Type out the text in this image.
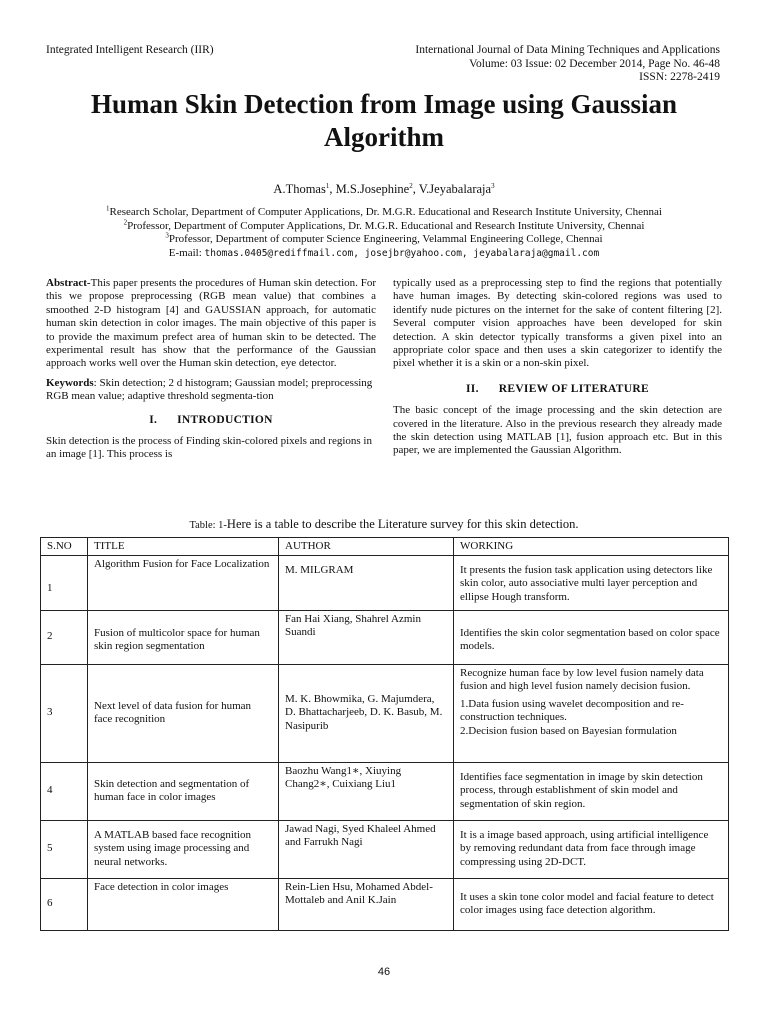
Integrated Intelligent Research (IIR)	International Journal of Data Mining Techniques and Applications
Volume: 03 Issue: 02 December 2014, Page No. 46-48
ISSN: 2278-2419
Human Skin Detection from Image using Gaussian
Algorithm
A.Thomas$^1$, M.S.Josephine$^2$, V.Jeyabalaraja$^3$
$^1$Research Scholar, Department of Computer Applications, Dr. M.G.R. Educational and Research Institute University, Chennai
$^2$Professor, Department of Computer Applications, Dr. M.G.R. Educational and Research Institute University, Chennai
$^3$Professor, Department of computer Science Engineering, Velammal Engineering College, Chennai
E-mail: thomas.0405@rediffmail.com, josejbr@yahoo.com, jeyabalaraja@gmail.com

Abstract-This paper presents the procedures of Human skin detection. For this we propose preprocessing (RGB mean value) that combines a smoothed 2-D histogram [4] and GAUSSIAN approach, for automatic human skin detection in color images. The main objective of this paper is to provide the maximum prefect area of human skin to be detected. The experimental result has show that the performance of the Gaussian approach works well over the Human skin detection, eye detector.

Keywords: Skin detection; 2 d histogram; Gaussian model; preprocessing RGB mean value; adaptive threshold segmenta-tion

I. INTRODUCTION

Skin detection is the process of Finding skin-colored pixels and regions in an image [1]. This process is

typically used as a preprocessing step to find the regions that potentially have human images. By detecting skin-colored regions was used to identify nude pictures on the internet for the sake of content filtering [2]. Several computer vision approaches have been developed for skin detection. A skin detector typically transforms a given pixel into an appropriate color space and then uses a skin categorizer to identify the pixel whether it is a skin or a non-skin pixel.

II. REVIEW OF LITERATURE

The basic concept of the image processing and the skin detection are covered in the literature. Also in the previous research they already made the skin detection using MATLAB [1], fusion approach etc. But in this paper, we are implemented the Gaussian Algorithm.

Table: 1-Here is a table to describe the Literature survey for this skin detection.
S.NO	TITLE	AUTHOR	WORKING
1	Algorithm Fusion for Face Localization	M. MILGRAM	It presents the fusion task application using detectors like skin color, auto associative multi layer perception and ellipse Hough transform.
2	Fusion of multicolor space for human skin region segmentation	Fan Hai Xiang, Shahrel Azmin Suandi	Identifies the skin color segmentation based on color space models.
3	Next level of data fusion for human face recognition	M. K. Bhowmika, G. Majumdera, D. Bhattacharjeeb, D. K. Basub, M. Nasipurib	Recognize human face by low level fusion namely data fusion and high level fusion namely decision fusion.
1.Data fusion using wavelet decomposition and re-construction techniques.
2.Decision fusion based on Bayesian formulation

4	Skin detection and segmentation of human face in color images	Baozhu Wang1∗, Xiuying Chang2∗, Cuixiang Liu1	Identifies face segmentation in image by skin detection process, through establishment of skin model and segmentation of skin region.
5	A MATLAB based face recognition system using image processing and neural networks.	Jawad Nagi, Syed Khaleel Ahmed and Farrukh Nagi	It is a image based approach, using artificial intelligence by removing redundant data from face through image compressing using 2D-DCT.
6	Face detection in color images	Rein-Lien Hsu, Mohamed Abdel-Mottaleb and Anil K.Jain	It uses a skin tone color model and facial feature to detect color images using face detection algorithm.
46
